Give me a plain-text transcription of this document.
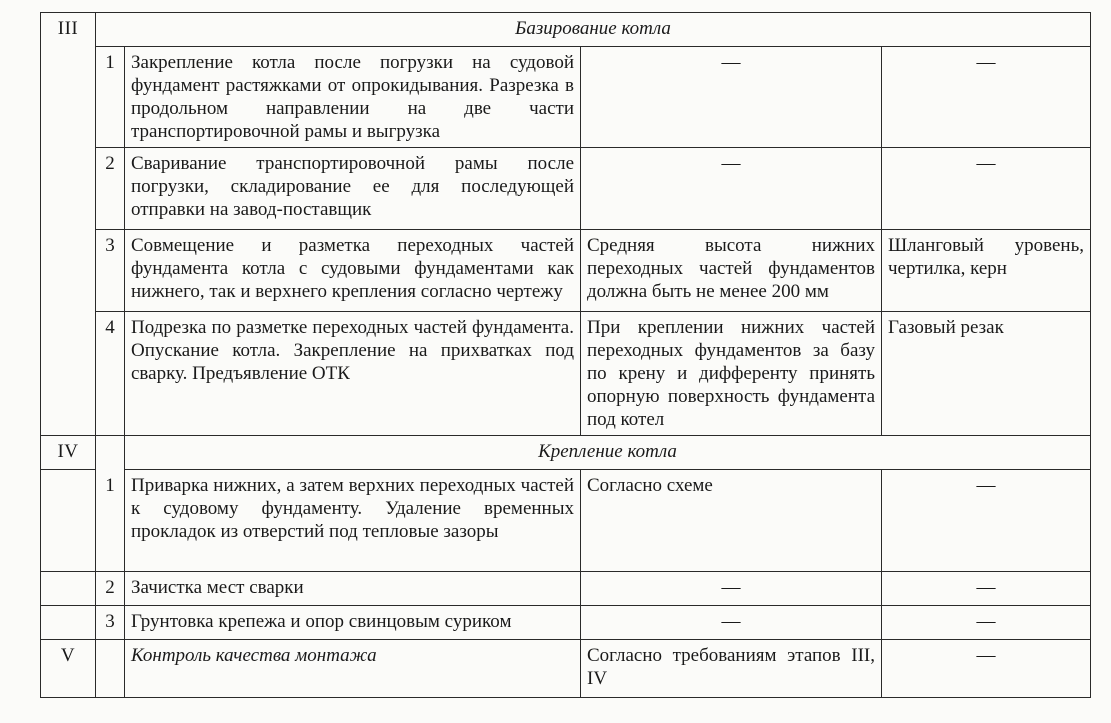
III	Базирование котла			
	1	Закрепление котла после погрузки на судовой фундамент растяжками от опрокидывания. Разрезка в продольном направлении на две части транспортировочной рамы и выгрузка	—	—
	2	Сваривание транспортировочной рамы после погрузки, складирование ее для последующей отправки на завод-поставщик	—	—
	3	Совмещение и разметка переходных частей фундамента котла с судовыми фундаментами как нижнего, так и верхнего крепления согласно чертежу	Средняя высота нижних переходных частей фундаментов должна быть не менее 200 мм	Шланговый уровень, чертилка, керн
	4	Подрезка по разметке переходных частей фундамента. Опускание котла. Закрепление на прихватках под сварку. Предъявление ОТК	При креплении нижних частей переходных фундаментов за базу по крену и дифференту принять опорную поверхность фундамента под котел	Газовый резак
IV		Крепление котла		
	1	Приварка нижних, а затем верхних переходных частей к судовому фундаменту. Удаление временных прокладок из отверстий под тепловые зазоры	Согласно схеме	—
	2	Зачистка мест сварки	—	—
	3	Грунтовка крепежа и опор свинцовым суриком	—	—
V		Контроль качества монтажа	Согласно требованиям этапов III, IV	—
